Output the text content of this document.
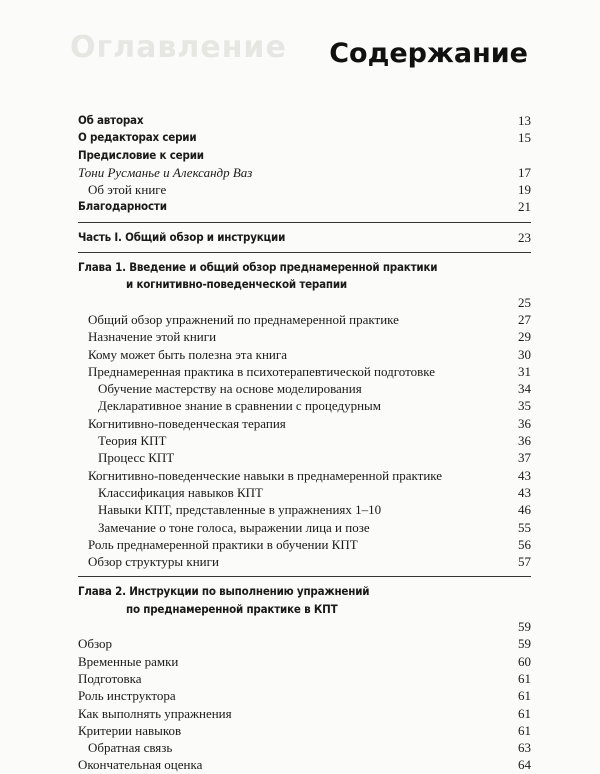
Оглавление Содержание
Об авторах	13
О редакторах серии	15
Предисловие к серии
Тони Русманье и Александр Ваз	17
Об этой книге	19
Благодарности	21
Часть I. Общий обзор и инструкции	23
Глава 1. Введение и общий обзор преднамеренной практики
и когнитивно-поведенческой терапии
25
Общий обзор упражнений по преднамеренной практике	27
Назначение этой книги	29
Кому может быть полезна эта книга	30
Преднамеренная практика в психотерапевтической подготовке	31
Обучение мастерству на основе моделирования	34
Декларативное знание в сравнении с процедурным	35
Когнитивно-поведенческая терапия	36
Теория КПТ	36
Процесс КПТ	37
Когнитивно-поведенческие навыки в преднамеренной практике	43
Классификация навыков КПТ	43
Навыки КПТ, представленные в упражнениях 1–10	46
Замечание о тоне голоса, выражении лица и позе	55
Роль преднамеренной практики в обучении КПТ	56
Обзор структуры книги	57
Глава 2. Инструкции по выполнению упражнений
по преднамеренной практике в КПТ
59
Обзор	59
Временные рамки	60
Подготовка	61
Роль инструктора	61
Как выполнять упражнения	61
Критерии навыков	61
Обратная связь	63
Окончательная оценка	64
